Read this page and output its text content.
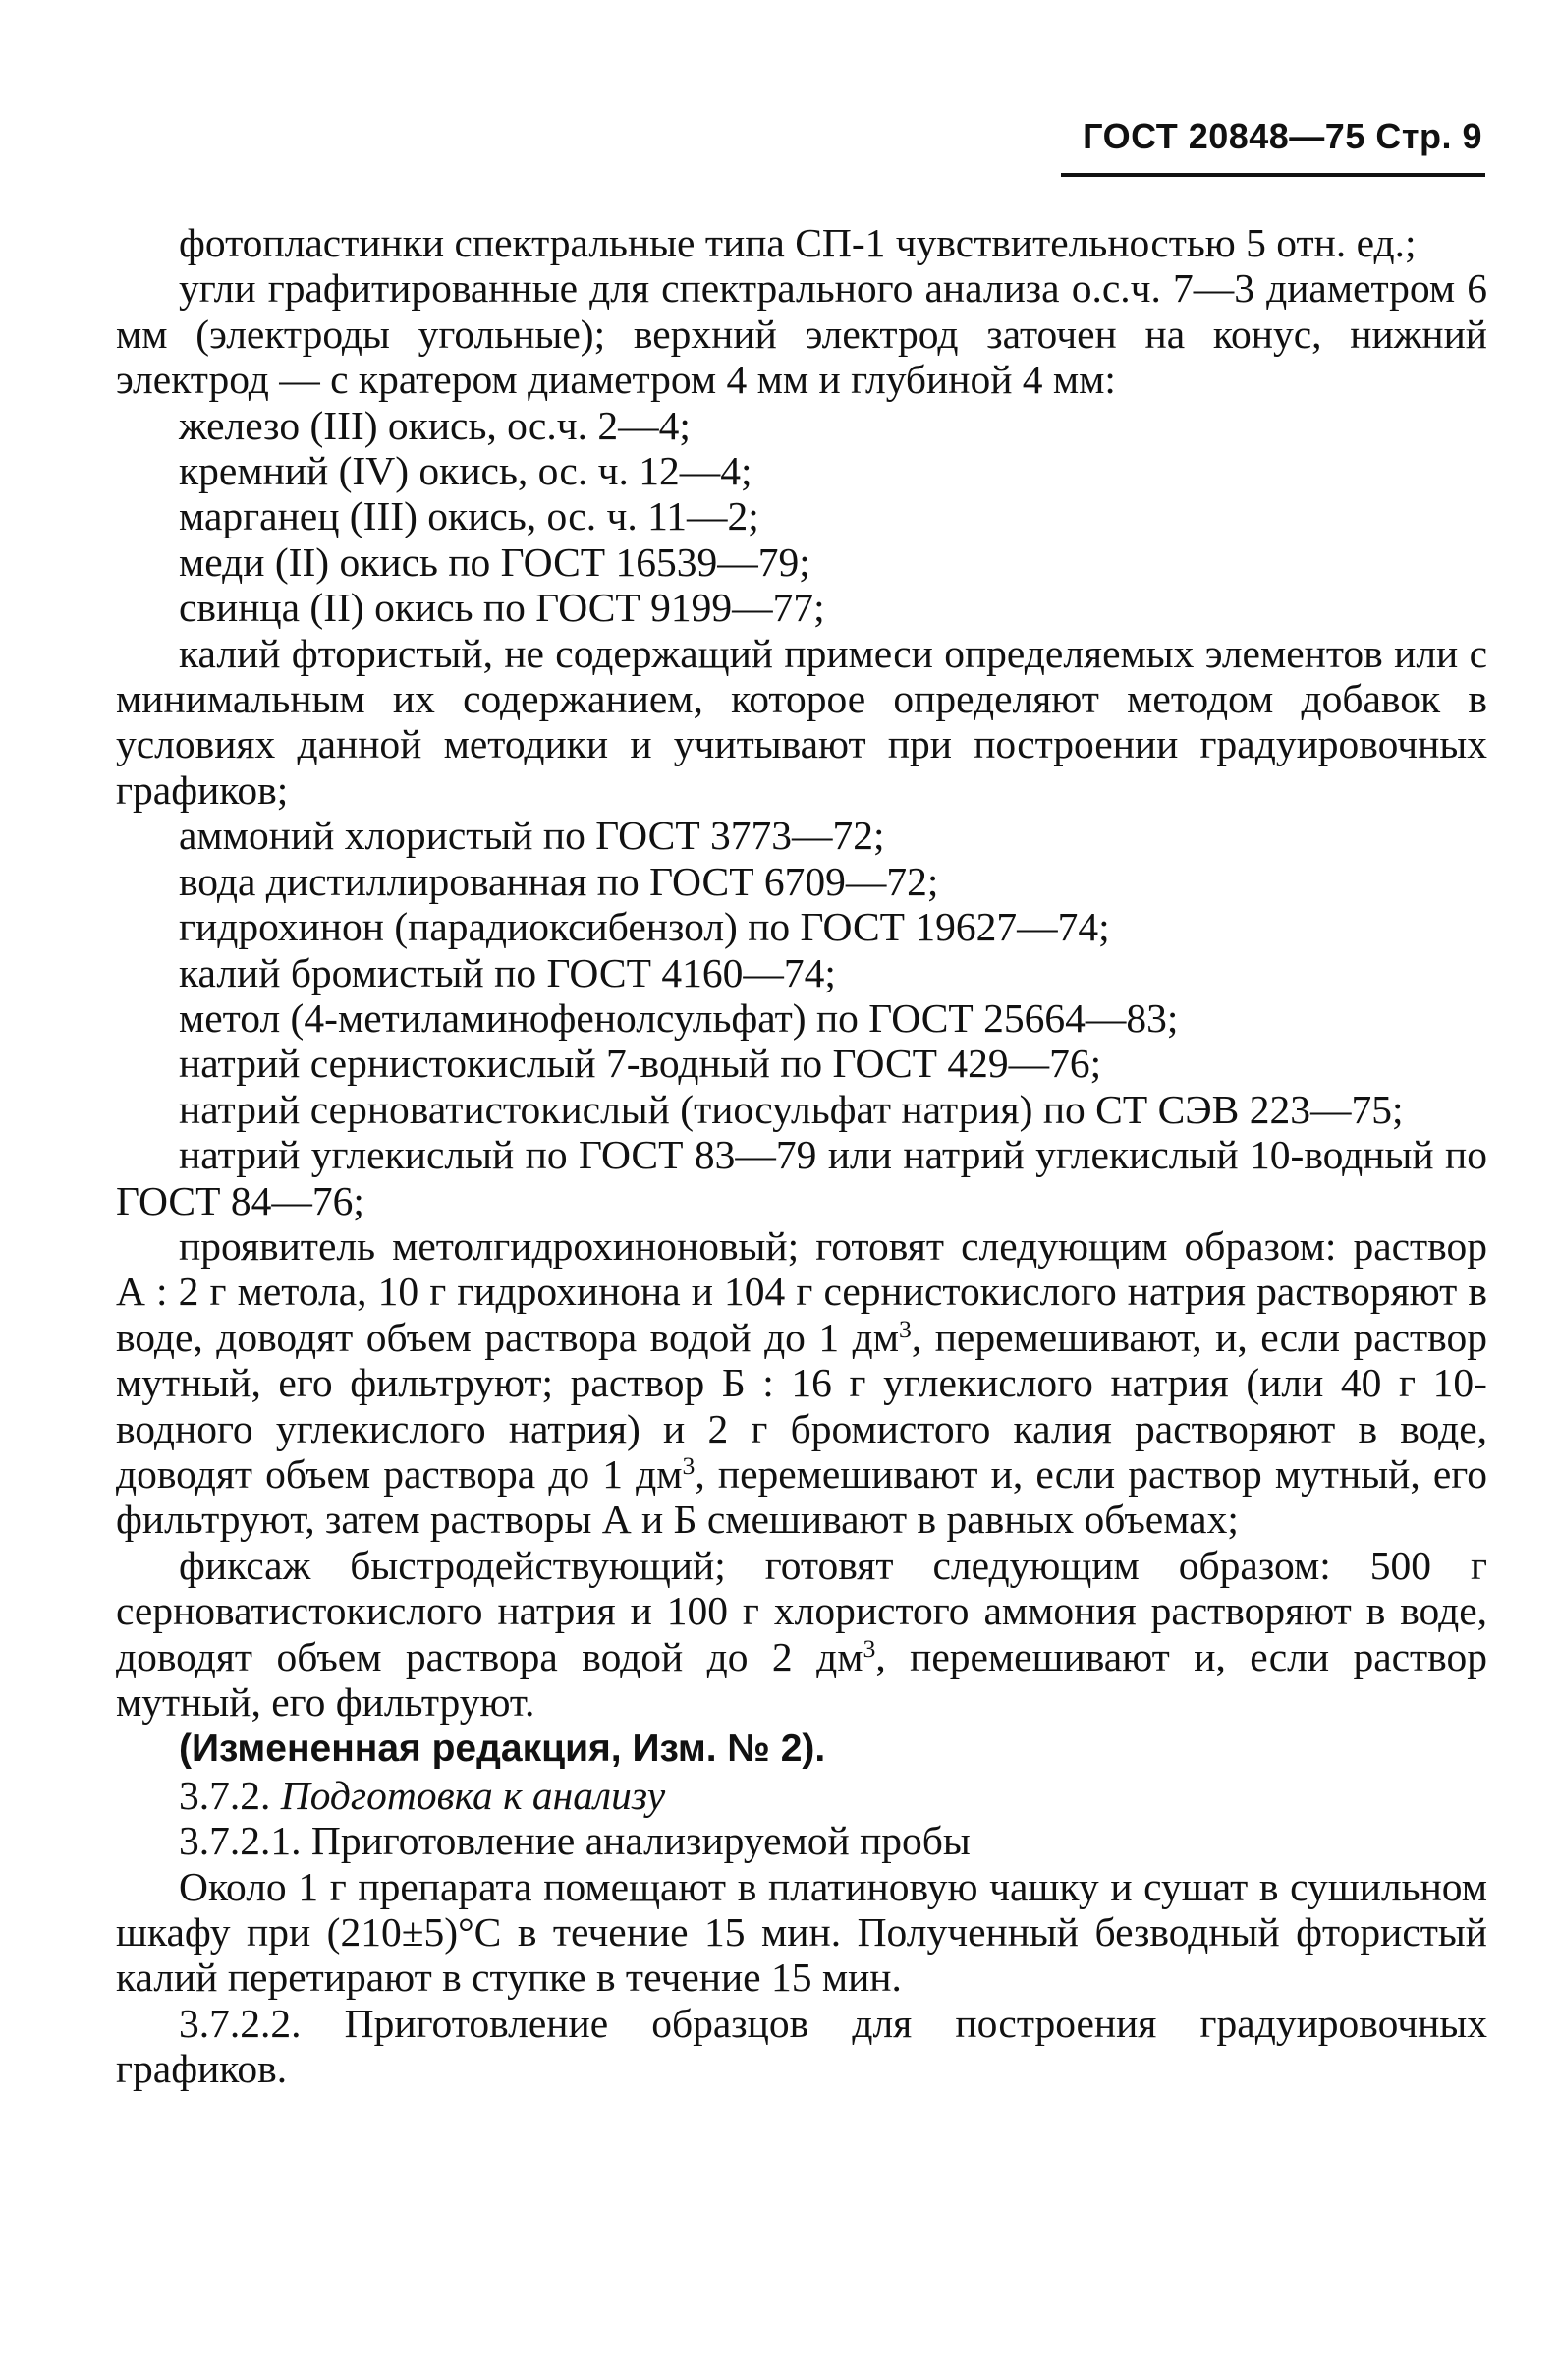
ГОСТ 20848—75 Стр. 9

фотопластинки спектральные типа СП-1 чувствительностью 5 отн. ед.;

угли графитированные для спектрального анализа о.с.ч. 7—3 диаметром 6 мм (электроды угольные); верхний электрод заточен на конус, нижний электрод — с кратером диаметром 4 мм и глубиной 4 мм:

железо (III) окись, ос.ч. 2—4;

кремний (IV) окись, ос. ч. 12—4;

марганец (III) окись, ос. ч. 11—2;

меди (II) окись по ГОСТ 16539—79;

свинца (II) окись по ГОСТ 9199—77;

калий фтористый, не содержащий примеси определяемых элементов или с минимальным их содержанием, которое определяют методом добавок в условиях данной методики и учитывают при построении градуировочных графиков;

аммоний хлористый по ГОСТ 3773—72;

вода дистиллированная по ГОСТ 6709—72;

гидрохинон (парадиоксибензол) по ГОСТ 19627—74;

калий бромистый по ГОСТ 4160—74;

метол (4-метиламинофенолсульфат) по ГОСТ 25664—83;

натрий сернистокислый 7-водный по ГОСТ 429—76;

натрий серноватистокислый (тиосульфат натрия) по СТ СЭВ 223—75;

натрий углекислый по ГОСТ 83—79 или натрий углекислый 10-водный по ГОСТ 84—76;

проявитель метолгидрохиноновый; готовят следующим образом: раствор А : 2 г метола, 10 г гидрохинона и 104 г сернистокислого натрия растворяют в воде, доводят объем раствора водой до 1 $дм^3$, перемешивают, и, если раствор мутный, его фильтруют; раствор Б : 16 г углекислого натрия (или 40 г 10-водного углекислого натрия) и 2 г бромистого калия растворяют в воде, доводят объем раствора до 1 $дм^3$, перемешивают и, если раствор мутный, его фильтруют, затем растворы А и Б смешивают в равных объемах;

фиксаж быстродействующий; готовят следующим образом: 500 г серноватистокислого натрия и 100 г хлористого аммония растворяют в воде, доводят объем раствора водой до 2 $дм^3$, перемешивают и, если раствор мутный, его фильтруют.

(Измененная редакция, Изм. № 2).

3.7.2. Подготовка к анализу

3.7.2.1. Приготовление анализируемой пробы

Около 1 г препарата помещают в платиновую чашку и сушат в сушильном шкафу при (210±5)°С в течение 15 мин. Полученный безводный фтористый калий перетирают в ступке в течение 15 мин.

3.7.2.2. Приготовление образцов для построения градуировочных графиков.
